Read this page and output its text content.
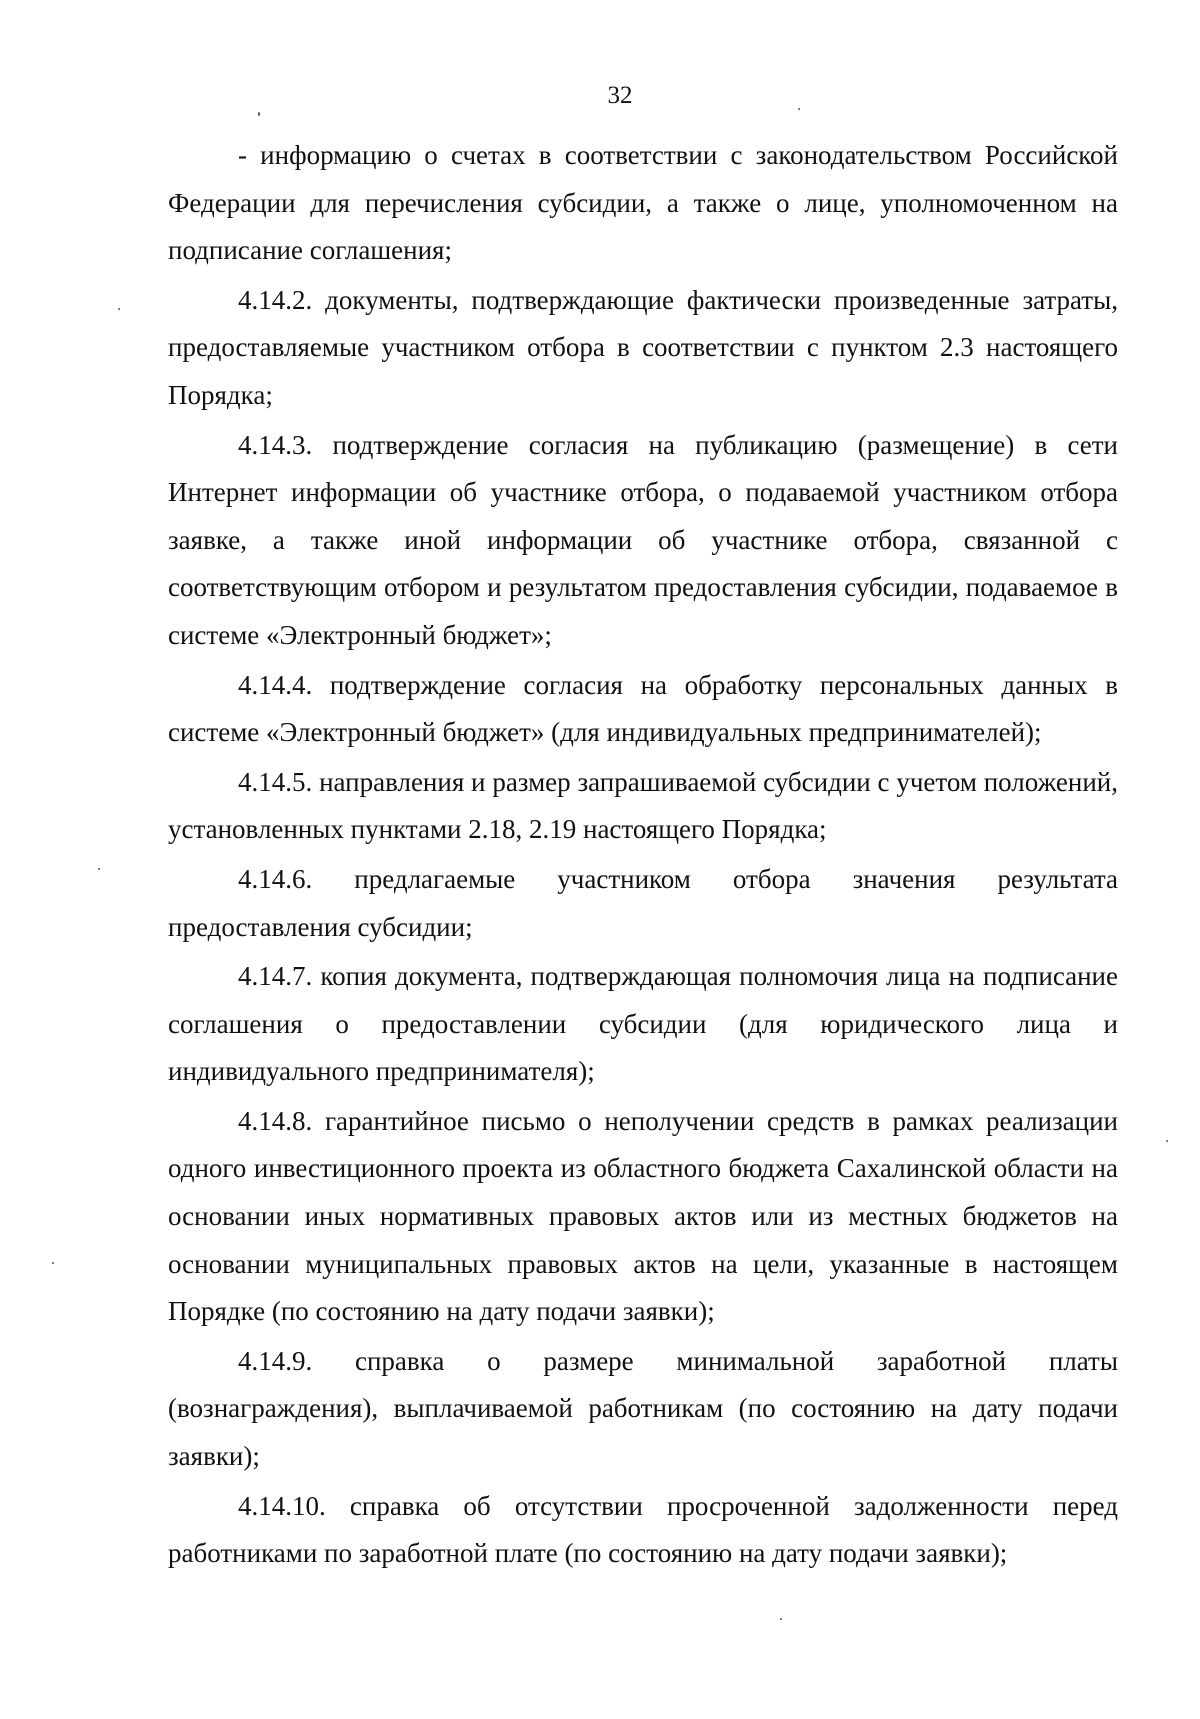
32

- информацию о счетах в соответствии с законодательством Российской Федерации для перечисления субсидии, а также о лице, уполномоченном на подписание соглашения;

4.14.2. документы, подтверждающие фактически произведенные затраты, предоставляемые участником отбора в соответствии с пунктом 2.3 настоящего Порядка;

4.14.3. подтверждение согласия на публикацию (размещение) в сети Интернет информации об участнике отбора, о подаваемой участником отбора заявке, а также иной информации об участнике отбора, связанной с соответствующим отбором и результатом предоставления субсидии, подаваемое в системе «Электронный бюджет»;

4.14.4. подтверждение согласия на обработку персональных данных в системе «Электронный бюджет» (для индивидуальных предпринимателей);

4.14.5. направления и размер запрашиваемой субсидии с учетом положений, установленных пунктами 2.18, 2.19 настоящего Порядка;

4.14.6. предлагаемые участником отбора значения результата предоставления субсидии;

4.14.7. копия документа, подтверждающая полномочия лица на подписание соглашения о предоставлении субсидии (для юридического лица и индивидуального предпринимателя);

4.14.8. гарантийное письмо о неполучении средств в рамках реализации одного инвестиционного проекта из областного бюджета Сахалинской области на основании иных нормативных правовых актов или из местных бюджетов на основании муниципальных правовых актов на цели, указанные в настоящем Порядке (по состоянию на дату подачи заявки);

4.14.9. справка о размере минимальной заработной платы (вознаграждения), выплачиваемой работникам (по состоянию на дату подачи заявки);

4.14.10. справка об отсутствии просроченной задолженности перед работниками по заработной плате (по состоянию на дату подачи заявки);
